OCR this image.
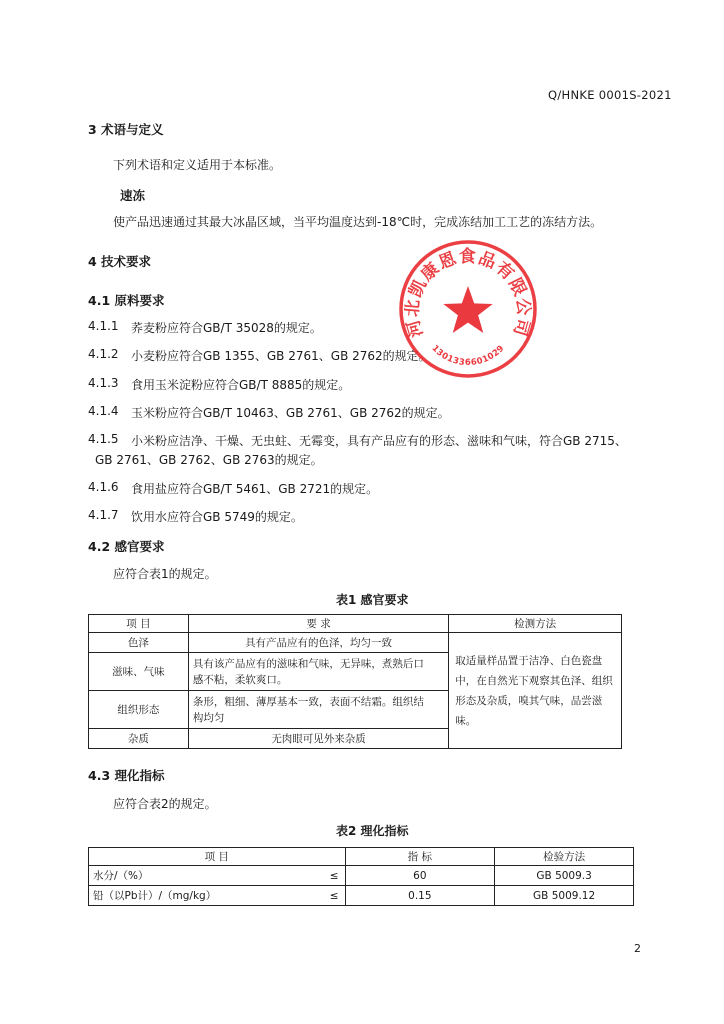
Q/HNKE 0001S-2021
3 术语与定义
下列术语和定义适用于本标准。
速冻
使产品迅速通过其最大冰晶区域，当平均温度达到-18℃时，完成冻结加工工艺的冻结方法。
4 技术要求
4.1 原料要求
4.1.1 荞麦粉应符合GB/T 35028的规定。
4.1.2 小麦粉应符合GB 1355、GB 2761、GB 2762的规定。
4.1.3 食用玉米淀粉应符合GB/T 8885的规定。
4.1.4 玉米粉应符合GB/T 10463、GB 2761、GB 2762的规定。
4.1.5 小米粉应洁净、干燥、无虫蛀、无霉变，具有产品应有的形态、滋味和气味，符合GB 2715、
GB 2761、GB 2762、GB 2763的规定。
4.1.6 食用盐应符合GB/T 5461、GB 2721的规定。
4.1.7 饮用水应符合GB 5749的规定。
4.2 感官要求
应符合表1的规定。
表1 感官要求
项 目	要 求	检测方法
色泽	具有产品应有的色泽，均匀一致	取适量样品置于洁净、白色瓷盘
中，在自然光下观察其色泽、组织
形态及杂质，嗅其气味，品尝滋味。

滋味、气味	具有该产品应有的滋味和气味，无异味，煮熟后口
感不粘，柔软爽口。	

组织形态	条形，粗细、薄厚基本一致，表面不结霜。组织结
构均匀	

杂质	无肉眼可见外来杂质	
4.3 理化指标
应符合表2的规定。
表2 理化指标
项 目	指 标	检验方法
水分/（%） ≤	60	GB 5009.3
铅（以Pb计）/（mg/kg） ≤	0.15	GB 5009.12
河北凯康恩食品有限公司
1301336601029
2
